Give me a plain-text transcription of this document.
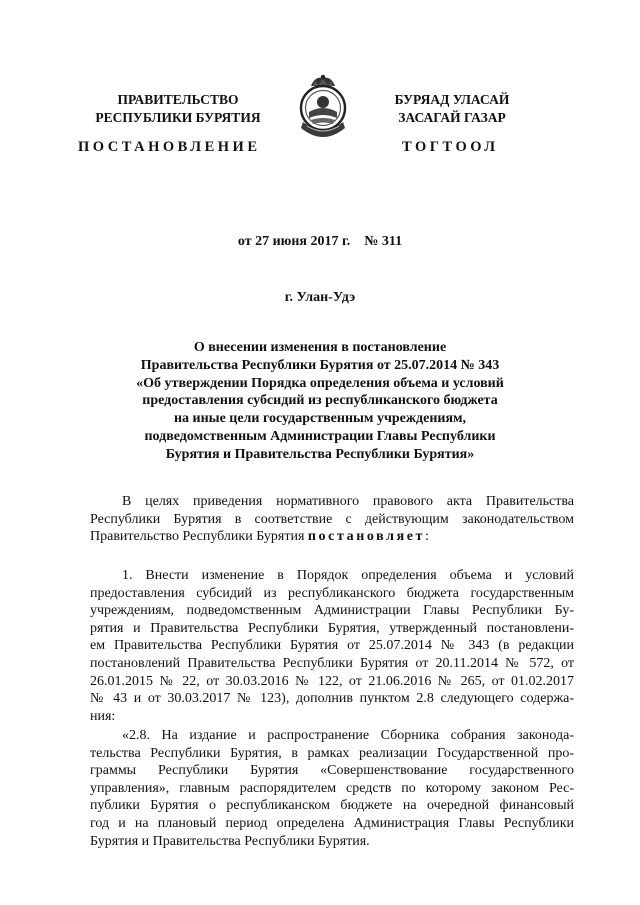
ПРАВИТЕЛЬСТВО
РЕСПУБЛИКИ БУРЯТИЯ
БУРЯАД УЛАСАЙ
ЗАСАГАЙ ГАЗАР
ПОСТАНОВЛЕНИЕ	ТОГТООЛ
от 27 июня 2017 г.    № 311
г. Улан-Удэ
О внесении изменения в постановление
Правительства Республики Бурятия от 25.07.2014 № 343
«Об утверждении Порядка определения объема и условий
предоставления субсидий из республиканского бюджета
на иные цели государственным учреждениям,
подведомственным Администрации Главы Республики
Бурятия и Правительства Республики Бурятия»
В целях приведения нормативного правового акта Правительства
Республики Бурятия в соответствие с действующим законодательством
Правительство Республики Бурятия постановляет:
1. Внести изменение в Порядок определения объема и условий
предоставления субсидий из республиканского бюджета государственным
учреждениям, подведомственным Администрации Главы Республики Бу-
рятия и Правительства Республики Бурятия, утвержденный постановлени-
ем Правительства Республики Бурятия от 25.07.2014 № 343 (в редакции
постановлений Правительства Республики Бурятия от 20.11.2014 № 572, от
26.01.2015 № 22, от 30.03.2016 № 122, от 21.06.2016 № 265, от 01.02.2017
№ 43 и от 30.03.2017 № 123), дополнив пунктом 2.8 следующего содержа-
ния:
«2.8. На издание и распространение Сборника собрания законода-
тельства Республики Бурятия, в рамках реализации Государственной про-
граммы Республики Бурятия «Совершенствование государственного
управления», главным распорядителем средств по которому законом Рес-
публики Бурятия о республиканском бюджете на очередной финансовый
год и на плановый период определена Администрация Главы Республики
Бурятия и Правительства Республики Бурятия.
